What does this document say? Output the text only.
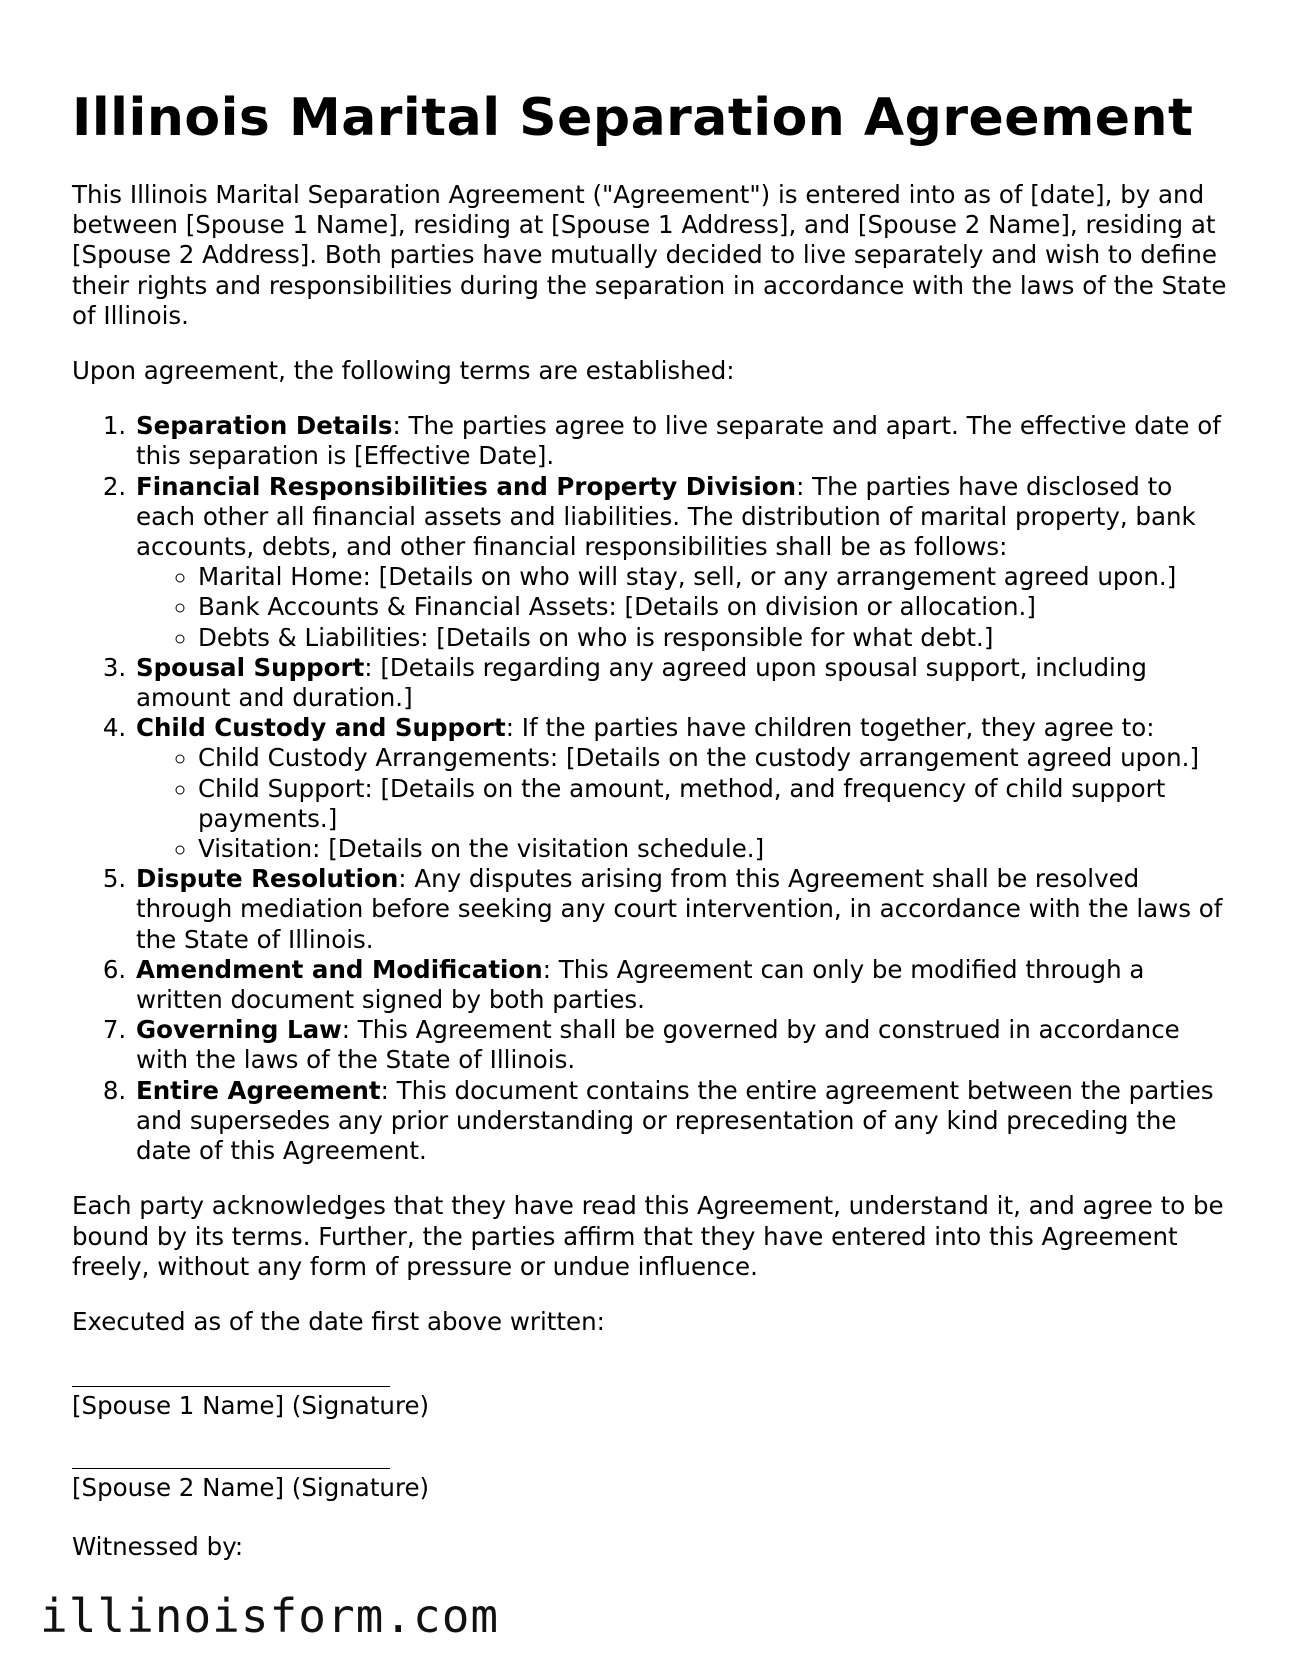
Illinois Marital Separation Agreement

This Illinois Marital Separation Agreement ("Agreement") is entered into as of [date], by and between [Spouse 1 Name], residing at [Spouse 1 Address], and [Spouse 2 Name], residing at [Spouse 2 Address]. Both parties have mutually decided to live separately and wish to define their rights and responsibilities during the separation in accordance with the laws of the State of Illinois.

Upon agreement, the following terms are established:

1. Separation Details: The parties agree to live separate and apart. The effective date of this separation is [Effective Date].
2. Financial Responsibilities and Property Division: The parties have disclosed to each other all financial assets and liabilities. The distribution of marital property, bank accounts, debts, and other financial responsibilities shall be as follows:
◦ Marital Home: [Details on who will stay, sell, or any arrangement agreed upon.]
◦ Bank Accounts & Financial Assets: [Details on division or allocation.]
◦ Debts & Liabilities: [Details on who is responsible for what debt.]
3. Spousal Support: [Details regarding any agreed upon spousal support, including amount and duration.]
4. Child Custody and Support: If the parties have children together, they agree to:
◦ Child Custody Arrangements: [Details on the custody arrangement agreed upon.]
◦ Child Support: [Details on the amount, method, and frequency of child support payments.]
◦ Visitation: [Details on the visitation schedule.]
5. Dispute Resolution: Any disputes arising from this Agreement shall be resolved through mediation before seeking any court intervention, in accordance with the laws of the State of Illinois.
6. Amendment and Modification: This Agreement can only be modified through a written document signed by both parties.
7. Governing Law: This Agreement shall be governed by and construed in accordance with the laws of the State of Illinois.
8. Entire Agreement: This document contains the entire agreement between the parties and supersedes any prior understanding or representation of any kind preceding the date of this Agreement.

Each party acknowledges that they have read this Agreement, understand it, and agree to be bound by its terms. Further, the parties affirm that they have entered into this Agreement freely, without any form of pressure or undue influence.

Executed as of the date first above written:

[Spouse 1 Name] (Signature)
[Spouse 2 Name] (Signature)
Witnessed by:
illinoisform.com
